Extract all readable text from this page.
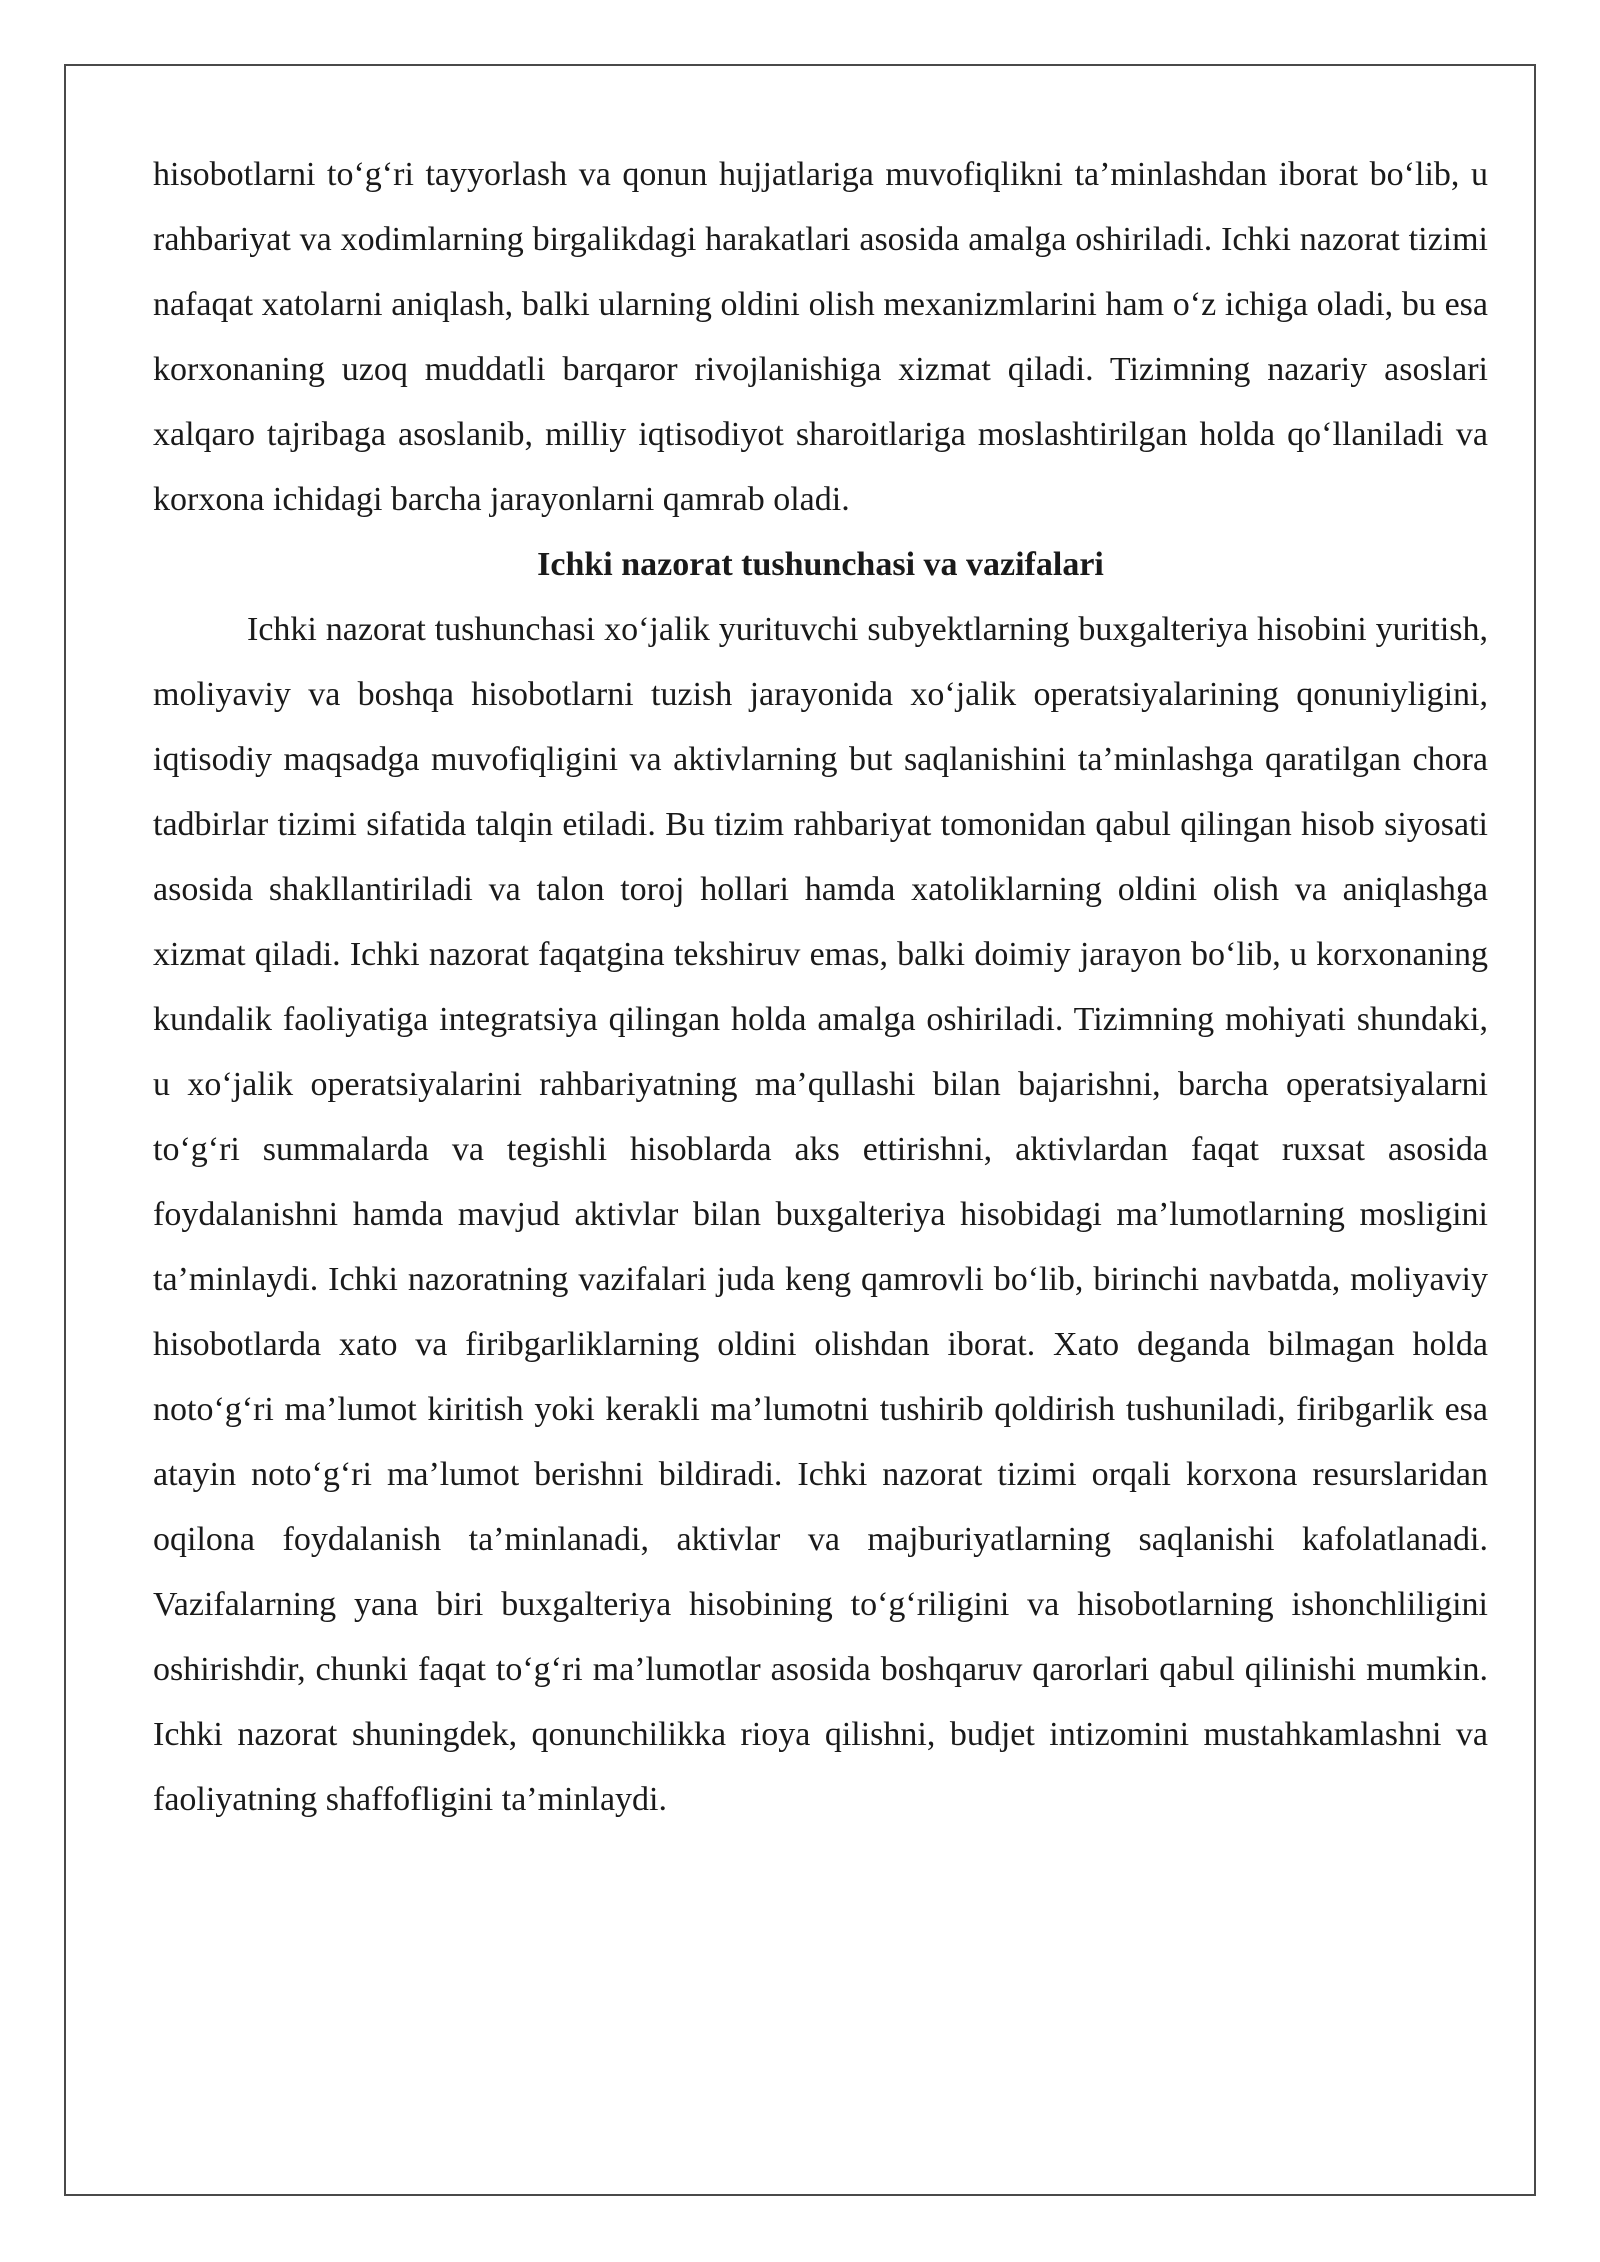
hisobotlarni to‘g‘ri tayyorlash va qonun hujjatlariga muvofiqlikni ta’minlashdan iborat bo‘lib, u rahbariyat va xodimlarning birgalikdagi harakatlari asosida amalga oshiriladi. Ichki nazorat tizimi nafaqat xatolarni aniqlash, balki ularning oldini olish mexanizmlarini ham o‘z ichiga oladi, bu esa korxonaning uzoq muddatli barqaror rivojlanishiga xizmat qiladi. Tizimning nazariy asoslari xalqaro tajribaga asoslanib, milliy iqtisodiyot sharoitlariga moslashtirilgan holda qo‘llaniladi va korxona ichidagi barcha jarayonlarni qamrab oladi.

Ichki nazorat tushunchasi va vazifalari

Ichki nazorat tushunchasi xo‘jalik yurituvchi subyektlarning buxgalteriya hisobini yuritish, moliyaviy va boshqa hisobotlarni tuzish jarayonida xo‘jalik operatsiyalarining qonuniyligini, iqtisodiy maqsadga muvofiqligini va aktivlarning but saqlanishini ta’minlashga qaratilgan chora tadbirlar tizimi sifatida talqin etiladi. Bu tizim rahbariyat tomonidan qabul qilingan hisob siyosati asosida shakllantiriladi va talon toroj hollari hamda xatoliklarning oldini olish va aniqlashga xizmat qiladi. Ichki nazorat faqatgina tekshiruv emas, balki doimiy jarayon bo‘lib, u korxonaning kundalik faoliyatiga integratsiya qilingan holda amalga oshiriladi. Tizimning mohiyati shundaki, u xo‘jalik operatsiyalarini rahbariyatning ma’qullashi bilan bajarishni, barcha operatsiyalarni to‘g‘ri summalarda va tegishli hisoblarda aks ettirishni, aktivlardan faqat ruxsat asosida foydalanishni hamda mavjud aktivlar bilan buxgalteriya hisobidagi ma’lumotlarning mosligini ta’minlaydi. Ichki nazoratning vazifalari juda keng qamrovli bo‘lib, birinchi navbatda, moliyaviy hisobotlarda xato va firibgarliklarning oldini olishdan iborat. Xato deganda bilmagan holda noto‘g‘ri ma’lumot kiritish yoki kerakli ma’lumotni tushirib qoldirish tushuniladi, firibgarlik esa atayin noto‘g‘ri ma’lumot berishni bildiradi. Ichki nazorat tizimi orqali korxona resurslaridan oqilona foydalanish ta’minlanadi, aktivlar va majburiyatlarning saqlanishi kafolatlanadi. Vazifalarning yana biri buxgalteriya hisobining to‘g‘riligini va hisobotlarning ishonchliligini oshirishdir, chunki faqat to‘g‘ri ma’lumotlar asosida boshqaruv qarorlari qabul qilinishi mumkin. Ichki nazorat shuningdek, qonunchilikka rioya qilishni, budjet intizomini mustahkamlashni va faoliyatning shaffofligini ta’minlaydi.
